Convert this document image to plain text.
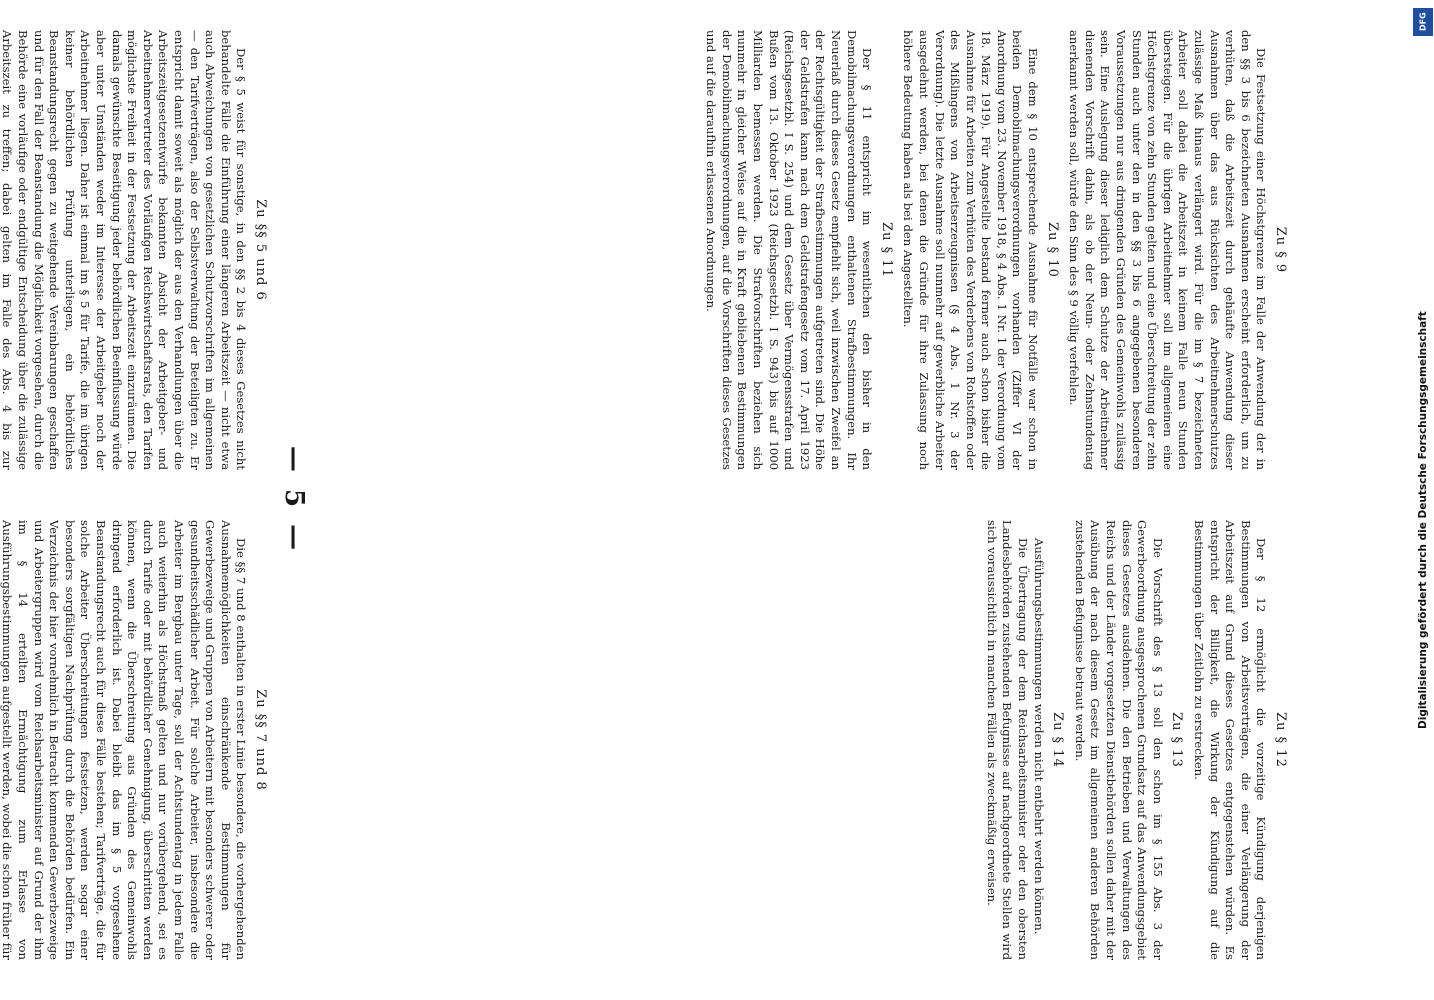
DFG
Digitalisierung gefördert durch die Deutsche Forschungsgemeinschaft
— 5 —
Zu §§ 5 und 6

Der § 5 weist für sonstige, in den §§ 2 bis 4 dieses Gesetzes nicht behandelte Fälle die Einführung einer längeren Arbeitszeit — nicht etwa auch Abweichungen von gesetzlichen Schutzvorschriften im allgemeinen — den Tarifverträgen, also der Selbstverwaltung der Beteiligten zu. Er entspricht damit soweit als möglich der aus den Verhandlungen über die Arbeitszeitgesetzentwürfe bekannten Absicht der Arbeitgeber- und Arbeitnehmervertreter des Vorläufigen Reichswirtschaftsrats, den Tarifen möglichste Freiheit in der Festsetzung der Arbeitszeit einzuräumen. Die damals gewünschte Beseitigung jeder behördlichen Beeinflussung würde aber unter Umständen weder im Interesse der Arbeitgeber noch der Arbeitnehmer liegen. Daher ist einmal im § 5 für Tarife, die im übrigen keiner behördlichen Prüfung unterliegen, ein behördliches Beanstandungsrecht gegen zu weitgehende Vereinbarungen geschaffen und für den Fall der Beanstandung die Möglichkeit vorgesehen, durch die Behörde eine vorläufige oder endgültige Entscheidung über die zulässige Arbeitszeit zu treffen; dabei gelten im Falle des Abs. 4 bis zur

Zu § 9

Die Festsetzung einer Höchstgrenze im Falle der Anwendung der in den §§ 3 bis 6 bezeichneten Ausnahmen erscheint erforderlich, um zu verhüten, daß die Arbeitszeit durch gehäufte Anwendung dieser Ausnahmen über das aus Rücksichten des Arbeitnehmerschutzes zulässige Maß hinaus verlängert wird. Für die im § 7 bezeichneten Arbeiter soll dabei die Arbeitszeit in keinem Falle neun Stunden übersteigen. Für die übrigen Arbeitnehmer soll im allgemeinen eine Höchstgrenze von zehn Stunden gelten und eine Überschreitung der zehn Stunden auch unter den in den §§ 3 bis 6 angegebenen besonderen Voraussetzungen nur aus dringenden Gründen des Gemeinwohls zulässig sein. Eine Auslegung dieser lediglich dem Schutze der Arbeitnehmer dienenden Vorschrift dahin, als ob der Neun- oder Zehnstundentag anerkannt werden soll, würde den Sinn des § 9 völlig verfehlen.

Zu § 10

Eine dem § 10 entsprechende Ausnahme für Notfälle war schon in beiden Demobilmachungsverordnungen vorhanden (Ziffer VI der Anordnung vom 23. November 1918, § 4 Abs. 1 Nr. 1 der Verordnung vom 18. März 1919). Für Angestellte bestand ferner auch schon bisher die Ausnahme für Arbeiten zum Verhüten des Verderbens von Rohstoffen oder des Mißlingens von Arbeitserzeugnissen (§ 4 Abs. 1 Nr. 3 der Verordnung). Die letzte Ausnahme soll nunmehr auf gewerbliche Arbeiter ausgedehnt werden, bei denen die Gründe für ihre Zulassung noch höhere Bedeutung haben als bei den Angestellten.

Zu § 11

Der § 11 entspricht im wesentlichen den bisher in den Demobilmachungsverordnungen enthaltenen Strafbestimmungen. Ihr Neuerlaß durch dieses Gesetz empfiehlt sich, weil inzwischen Zweifel an der Rechtsgültigkeit der Strafbestimmungen aufgetreten sind. Die Höhe der Geldstrafen kann nach dem Geldstrafengesetz vom 17. April 1923 (Reichsgesetzbl. I S. 254) und dem Gesetz über Vermögensstrafen und Bußen vom 13. Oktober 1923 (Reichsgesetzbl. I S. 943) bis auf 1000 Milliarden bemessen werden. Die Strafvorschriften beziehen sich nunmehr in gleicher Weise auf die in Kraft gebliebenen Bestimmungen der Demobilmachungsverordnungen, auf die Vorschriften dieses Gesetzes und auf die daraufhin erlassenen Anordnungen.

Zu § 12

Der § 12 ermöglicht die vorzeitige Kündigung derjenigen Bestimmungen von Arbeitsverträgen, die einer Verlängerung der Arbeitszeit auf Grund dieses Gesetzes entgegenstehen würden. Es entspricht der Billigkeit, die Wirkung der Kündigung auf die Bestimmungen über Zeitlohn zu erstrecken.

Zu § 13

Die Vorschrift des § 13 soll den schon im § 155 Abs. 3 der Gewerbeordnung ausgesprochenen Grundsatz auf das Anwendungsgebiet dieses Gesetzes ausdehnen. Die den Betrieben und Verwaltungen des Reichs und der Länder vorgesetzten Dienstbehörden sollen daher mit der Ausübung der nach diesem Gesetz im allgemeinen anderen Behörden zustehenden Befugnisse betraut werden.

Zu § 14

Ausführungsbestimmungen werden nicht entbehrt werden können.

Die Übertragung der dem Reichsarbeitsminister oder den obersten Landesbehörden zustehenden Befugnisse auf nachgeordnete Stellen wird sich voraussichtlich in manchen Fällen als zweckmäßig erweisen.

Zu §§ 7 und 8

Die §§ 7 und 8 enthalten in erster Linie besondere, die vorhergehenden Ausnahmemöglichkeiten einschränkende Bestimmungen für Gewerbezweige und Gruppen von Arbeitern mit besonders schwerer oder gesundheitsschädlicher Arbeit. Für solche Arbeiter, insbesondere die Arbeiter im Bergbau unter Tage, soll der Achtstundentag in jedem Falle auch weiterhin als Höchstmaß gelten und nur vorübergehend, sei es durch Tarife oder mit behördlicher Genehmigung, überschritten werden können, wenn die Überschreitung aus Gründen des Gemeinwohls dringend erforderlich ist. Dabei bleibt das im § 5 vorgesehene Beanstandungsrecht auch für diese Fälle bestehen; Tarifverträge, die für solche Arbeiter Überschreitungen festsetzen, werden sogar einer besonders sorgfältigen Nachprüfung durch die Behörden bedürfen. Ein Verzeichnis der hier vornehmlich in Betracht kommenden Gewerbezweige und Arbeitergruppen wird vom Reichsarbeitsminister auf Grund der ihm im § 14 erteilten Ermächtigung zum Erlasse von Ausführungsbestimmungen aufgestellt werden, wobei die schon früher für
